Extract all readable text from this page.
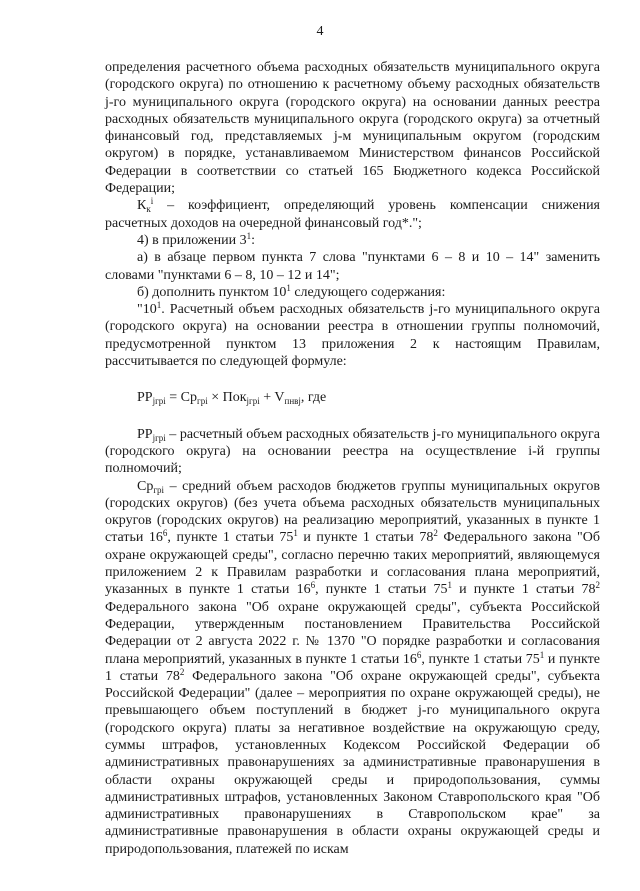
4

определения расчетного объема расходных обязательств муниципального округа (городского округа) по отношению к расчетному объему расходных обязательств j-го муниципального округа (городского округа) на основании данных реестра расходных обязательств муниципального округа (городского округа) за отчетный финансовый год, представляемых j-м муниципальным округом (городским округом) в порядке, устанавливаемом Министерством финансов Российской Федерации в соответствии со статьей 165 Бюджетного кодекса Российской Федерации;

$К_к^i$ – коэффициент, определяющий уровень компенсации снижения расчетных доходов на очередной финансовый год*.";

4) в приложении $3^1$:

а) в абзаце первом пункта 7 слова "пунктами 6 – 8 и 10 – 14" заменить словами "пунктами 6 – 8, 10 – 12 и 14";

б) дополнить пунктом $10^1$ следующего содержания:

"$10^1$. Расчетный объем расходных обязательств j-го муниципального округа (городского округа) на основании реестра в отношении группы полномочий, предусмотренной пунктом 13 приложения 2 к настоящим Правилам, рассчитывается по следующей формуле:

$PP_{jгрi} = Ср_{грi} \times Пок_{jгрi} + V_{пнвj}$, где

$PP_{jгрi}$ – расчетный объем расходных обязательств j-го муниципального округа (городского округа) на основании реестра на осуществление i-й группы полномочий;

$Ср_{грi}$ – средний объем расходов бюджетов группы муниципальных округов (городских округов) (без учета объема расходных обязательств муниципальных округов (городских округов) на реализацию мероприятий, указанных в пункте 1 статьи $16^6$, пункте 1 статьи $75^1$ и пункте 1 статьи $78^2$ Федерального закона "Об охране окружающей среды", согласно перечню таких мероприятий, являющемуся приложением 2 к Правилам разработки и согласования плана мероприятий, указанных в пункте 1 статьи $16^6$, пункте 1 статьи $75^1$ и пункте 1 статьи $78^2$ Федерального закона "Об охране окружающей среды", субъекта Российской Федерации, утвержденным постановлением Правительства Российской Федерации от 2 августа 2022 г. № 1370 "О порядке разработки и согласования плана мероприятий, указанных в пункте 1 статьи $16^6$, пункте 1 статьи $75^1$ и пункте 1 статьи $78^2$ Федерального закона "Об охране окружающей среды", субъекта Российской Федерации" (далее – мероприятия по охране окружающей среды), не превышающего объем поступлений в бюджет j-го муниципального округа (городского округа) платы за негативное воздействие на окружающую среду, суммы штрафов, установленных Кодексом Российской Федерации об административных правонарушениях за административные правонарушения в области охраны окружающей среды и природопользования, суммы административных штрафов, установленных Законом Ставропольского края "Об административных правонарушениях в Ставропольском крае" за административные правонарушения в области охраны окружающей среды и природопользования, платежей по искам
